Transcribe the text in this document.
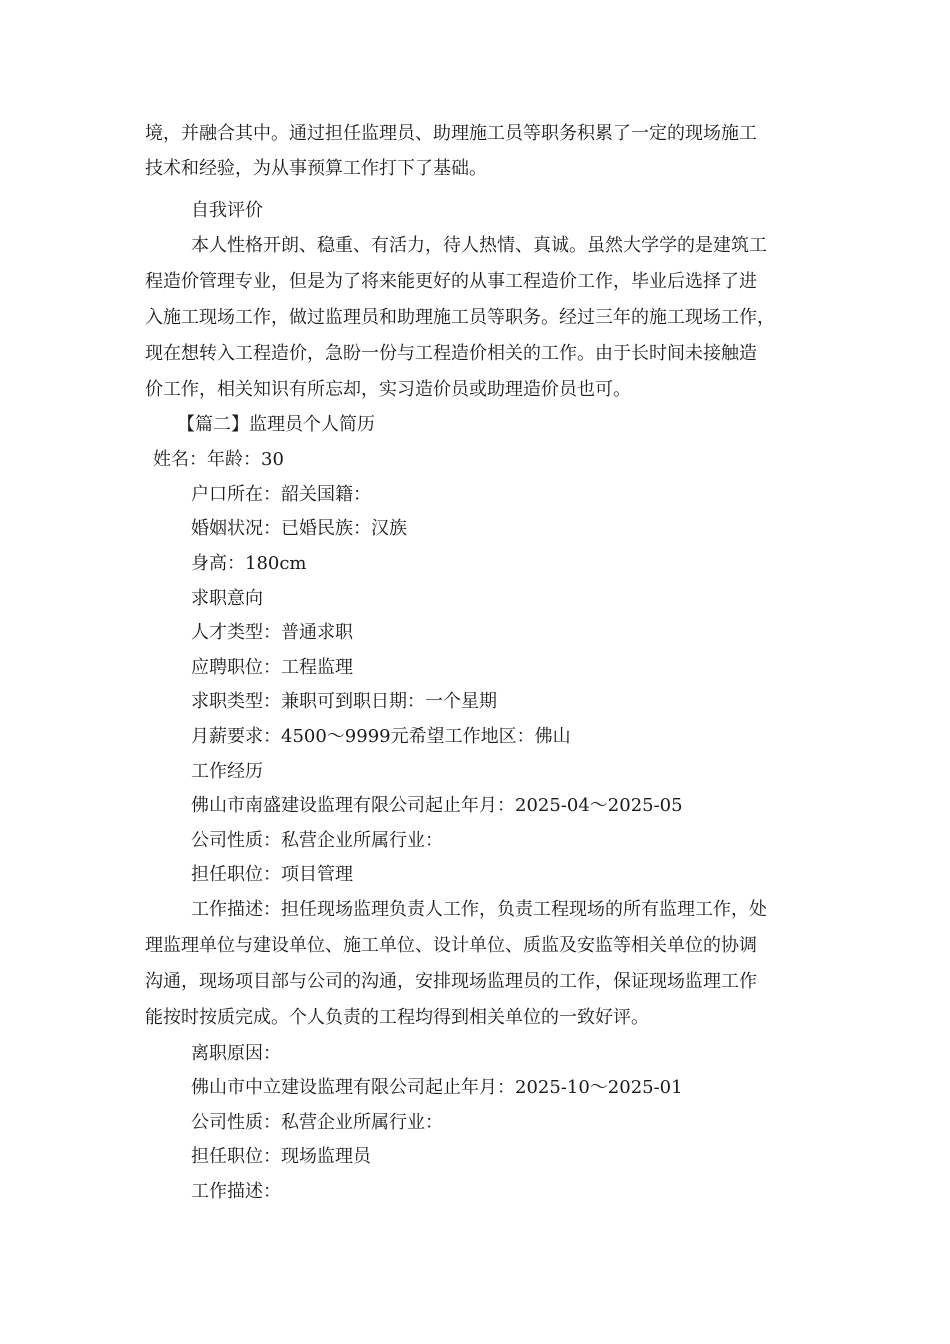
境，并融合其中。通过担任监理员、助理施工员等职务积累了一定的现场施工
技术和经验，为从事预算工作打下了基础。
自我评价
本人性格开朗、稳重、有活力，待人热情、真诚。虽然大学学的是建筑工
程造价管理专业，但是为了将来能更好的从事工程造价工作，毕业后选择了进
入施工现场工作，做过监理员和助理施工员等职务。经过三年的施工现场工作，
现在想转入工程造价，急盼一份与工程造价相关的工作。由于长时间未接触造
价工作，相关知识有所忘却，实习造价员或助理造价员也可。
【篇二】监理员个人简历
姓名：年龄：30
户口所在：韶关国籍：
婚姻状况：已婚民族：汉族
身高：180cm
求职意向
人才类型：普通求职
应聘职位：工程监理
求职类型：兼职可到职日期：一个星期
月薪要求：4500～9999元希望工作地区：佛山
工作经历
佛山市南盛建设监理有限公司起止年月：2025-04～2025-05
公司性质：私营企业所属行业：
担任职位：项目管理
工作描述：担任现场监理负责人工作，负责工程现场的所有监理工作，处
理监理单位与建设单位、施工单位、设计单位、质监及安监等相关单位的协调
沟通，现场项目部与公司的沟通，安排现场监理员的工作，保证现场监理工作
能按时按质完成。个人负责的工程均得到相关单位的一致好评。
离职原因：
佛山市中立建设监理有限公司起止年月：2025-10～2025-01
公司性质：私营企业所属行业：
担任职位：现场监理员
工作描述：
